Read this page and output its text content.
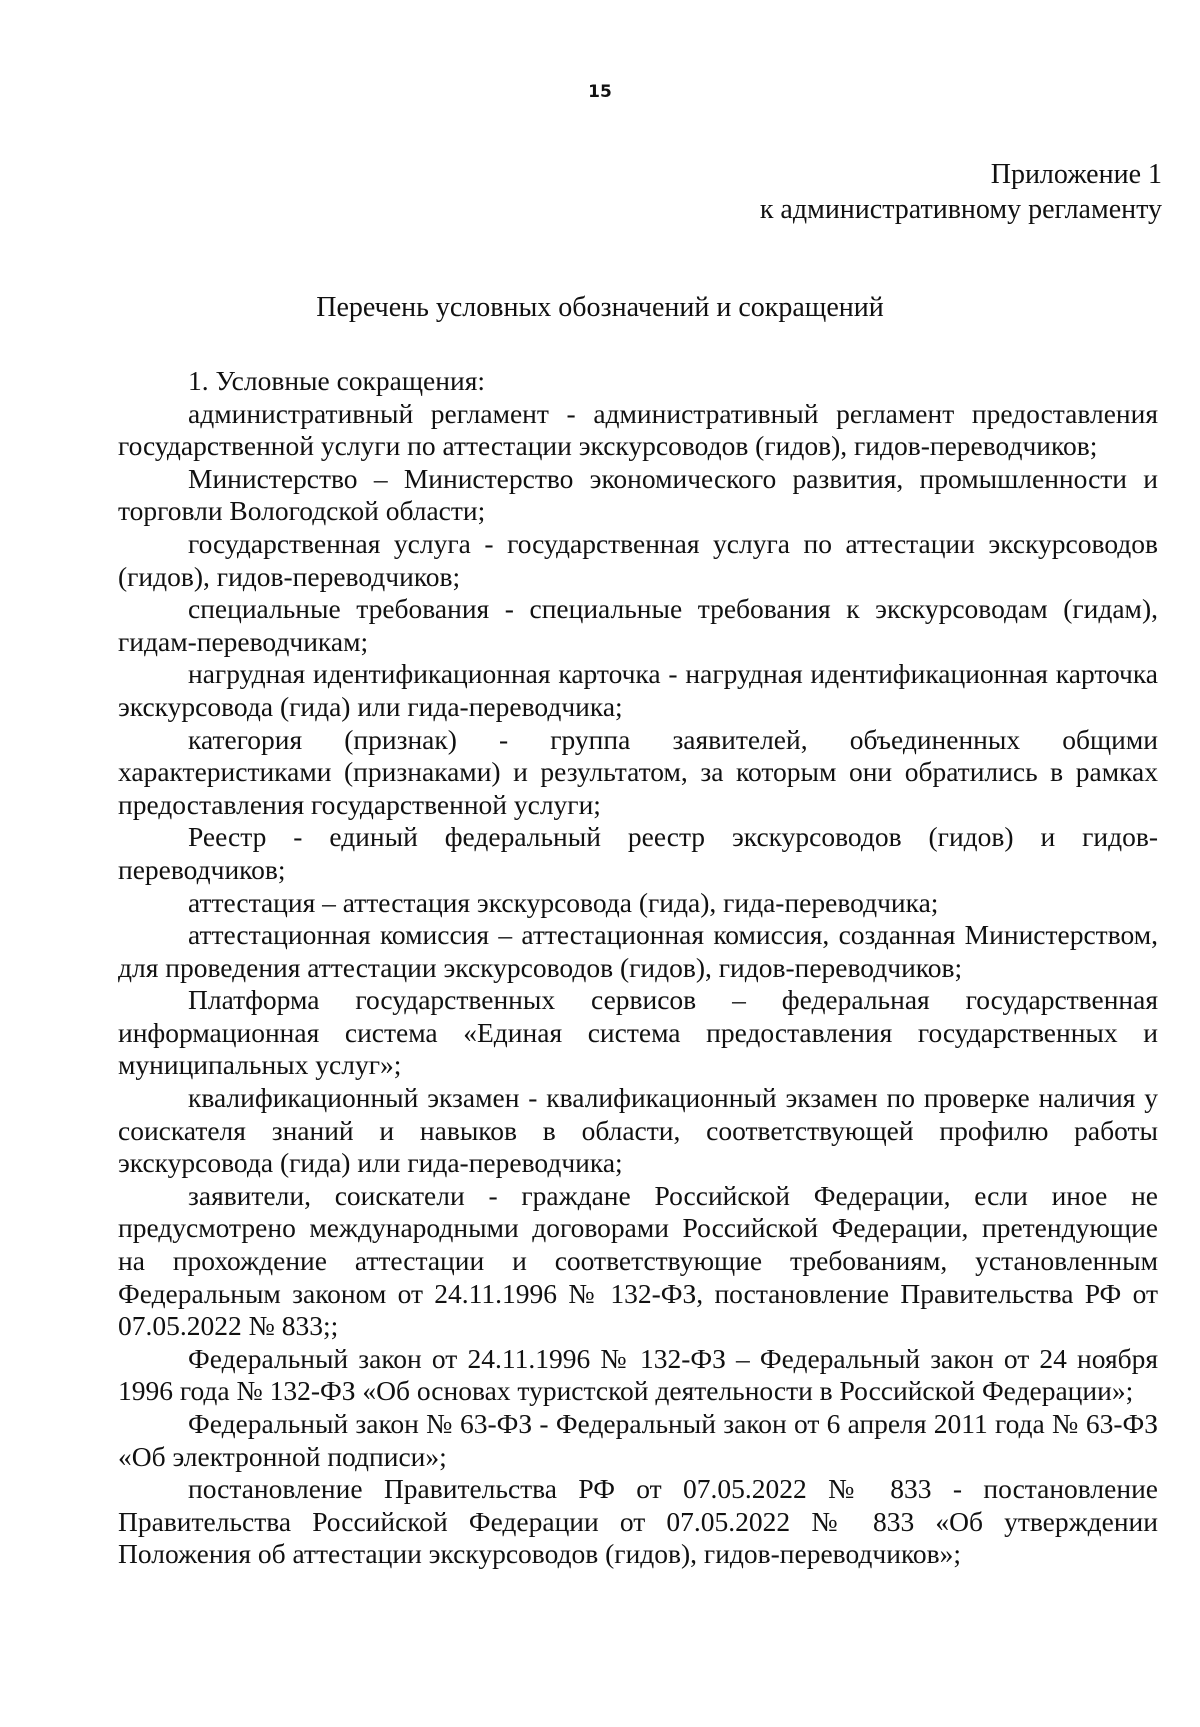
15
Приложение 1
к административному регламенту
Перечень условных обозначений и сокращений

1. Условные сокращения:

административный регламент - административный регламент предоставления государственной услуги по аттестации экскурсоводов (гидов), гидов-переводчиков;

Министерство – Министерство экономического развития, промышленности и торговли Вологодской области;

государственная услуга - государственная услуга по аттестации экскурсоводов (гидов), гидов-переводчиков;

специальные требования - специальные требования к экскурсоводам (гидам), гидам-переводчикам;

нагрудная идентификационная карточка - нагрудная идентификационная карточка экскурсовода (гида) или гида-переводчика;

категория (признак) - группа заявителей, объединенных общими характеристиками (признаками) и результатом, за которым они обратились в рамках предоставления государственной услуги;

Реестр - единый федеральный реестр экскурсоводов (гидов) и гидов-переводчиков;

аттестация – аттестация экскурсовода (гида), гида-переводчика;

аттестационная комиссия – аттестационная комиссия, созданная Министерством, для проведения аттестации экскурсоводов (гидов), гидов-переводчиков;

Платформа государственных сервисов – федеральная государственная информационная система «Единая система предоставления государственных и муниципальных услуг»;

квалификационный экзамен - квалификационный экзамен по проверке наличия у соискателя знаний и навыков в области, соответствующей профилю работы экскурсовода (гида) или гида-переводчика;

заявители, соискатели - граждане Российской Федерации, если иное не предусмотрено международными договорами Российской Федерации, претендующие на прохождение аттестации и соответствующие требованиям, установленным Федеральным законом от 24.11.1996 № 132-ФЗ, постановление Правительства РФ от 07.05.2022 № 833;;

Федеральный закон от 24.11.1996 № 132-ФЗ – Федеральный закон от 24 ноября 1996 года № 132-ФЗ «Об основах туристской деятельности в Российской Федерации»;

Федеральный закон № 63-ФЗ - Федеральный закон от 6 апреля 2011 года № 63-ФЗ «Об электронной подписи»;

постановление Правительства РФ от 07.05.2022 № 833 - постановление Правительства Российской Федерации от 07.05.2022 № 833 «Об утверждении Положения об аттестации экскурсоводов (гидов), гидов-переводчиков»;
